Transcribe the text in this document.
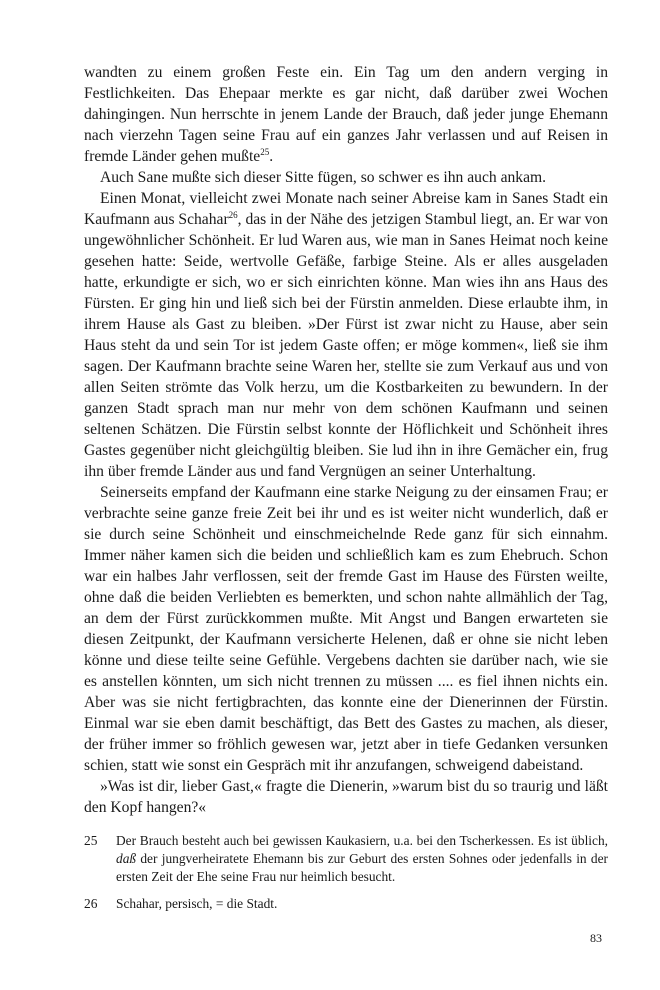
wandten zu einem großen Feste ein. Ein Tag um den andern verging in Festlichkeiten. Das Ehepaar merkte es gar nicht, daß darüber zwei Wochen dahingingen. Nun herrschte in jenem Lande der Brauch, daß jeder junge Ehemann nach vierzehn Tagen seine Frau auf ein ganzes Jahr verlassen und auf Reisen in fremde Länder gehen mußte$^{25}$.

Auch Sane mußte sich dieser Sitte fügen, so schwer es ihn auch ankam.

Einen Monat, vielleicht zwei Monate nach seiner Abreise kam in Sanes Stadt ein Kaufmann aus Schahar$^{26}$, das in der Nähe des jetzigen Stambul liegt, an. Er war von ungewöhnlicher Schönheit. Er lud Waren aus, wie man in Sanes Heimat noch keine gesehen hatte: Seide, wertvolle Gefäße, farbige Steine. Als er alles ausgeladen hatte, erkundigte er sich, wo er sich einrichten könne. Man wies ihn ans Haus des Fürsten. Er ging hin und ließ sich bei der Fürstin anmelden. Diese erlaubte ihm, in ihrem Hause als Gast zu bleiben. »Der Fürst ist zwar nicht zu Hause, aber sein Haus steht da und sein Tor ist jedem Gaste offen; er möge kommen«, ließ sie ihm sagen. Der Kaufmann brachte seine Waren her, stellte sie zum Verkauf aus und von allen Seiten strömte das Volk herzu, um die Kostbarkeiten zu bewundern. In der ganzen Stadt sprach man nur mehr von dem schönen Kaufmann und seinen seltenen Schätzen. Die Fürstin selbst konnte der Höflichkeit und Schönheit ihres Gastes gegenüber nicht gleichgültig bleiben. Sie lud ihn in ihre Gemächer ein, frug ihn über fremde Länder aus und fand Vergnügen an seiner Unterhaltung.

Seinerseits empfand der Kaufmann eine starke Neigung zu der einsamen Frau; er verbrachte seine ganze freie Zeit bei ihr und es ist weiter nicht wunderlich, daß er sie durch seine Schönheit und einschmeichelnde Rede ganz für sich einnahm. Immer näher kamen sich die beiden und schließlich kam es zum Ehebruch. Schon war ein halbes Jahr verflossen, seit der fremde Gast im Hause des Fürsten weilte, ohne daß die beiden Verliebten es bemerkten, und schon nahte allmählich der Tag, an dem der Fürst zurückkommen mußte. Mit Angst und Bangen erwarteten sie diesen Zeitpunkt, der Kaufmann versicherte Helenen, daß er ohne sie nicht leben könne und diese teilte seine Gefühle. Vergebens dachten sie darüber nach, wie sie es anstellen könnten, um sich nicht trennen zu müssen .... es fiel ihnen nichts ein. Aber was sie nicht fertigbrachten, das konnte eine der Dienerinnen der Fürstin. Einmal war sie eben damit beschäftigt, das Bett des Gastes zu machen, als dieser, der früher immer so fröhlich gewesen war, jetzt aber in tiefe Gedanken versunken schien, statt wie sonst ein Gespräch mit ihr anzufangen, schweigend dabeistand.

»Was ist dir, lieber Gast,« fragte die Dienerin, »warum bist du so traurig und läßt den Kopf hangen?«

25	Der Brauch besteht auch bei gewissen Kaukasiern, u.a. bei den Tscherkessen. Es ist üblich, daß der jungverheiratete Ehemann bis zur Geburt des ersten Sohnes oder jedenfalls in der ersten Zeit der Ehe seine Frau nur heimlich besucht.
26	Schahar, persisch, = die Stadt.
83
